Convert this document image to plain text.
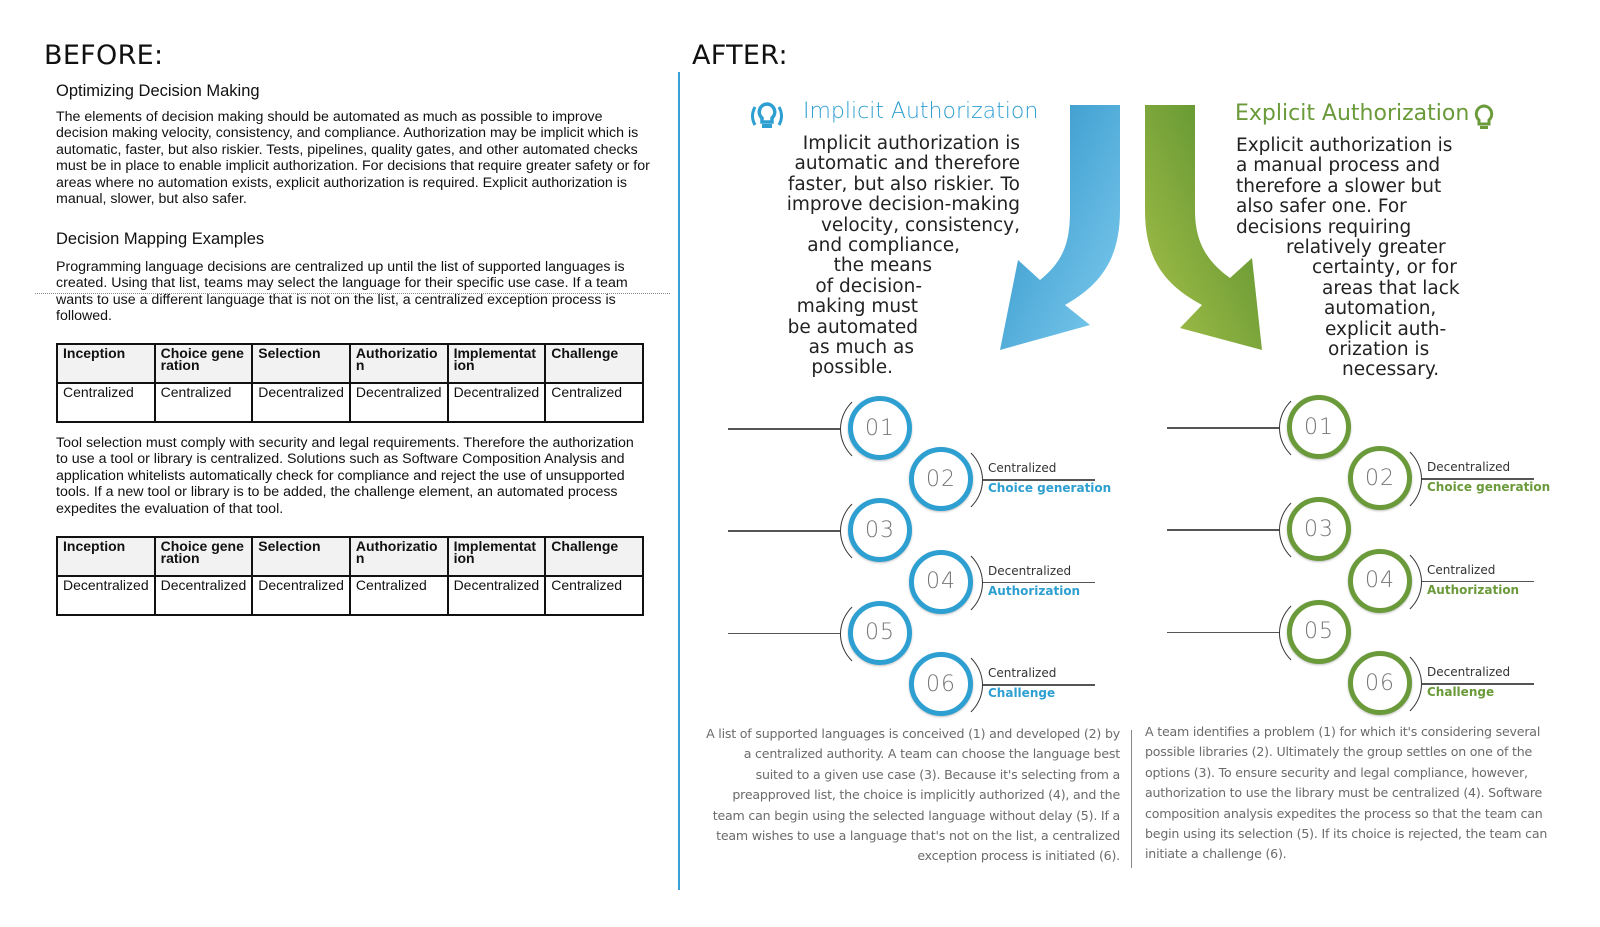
BEFORE:
Optimizing Decision Making
The elements of decision making should be automated as much as possible to improve decision making velocity, consistency, and compliance. Authorization may be implicit which is automatic, faster, but also riskier. Tests, pipelines, quality gates, and other automated checks must be in place to enable implicit authorization. For decisions that require greater safety or for areas where no automation exists, explicit authorization is required. Explicit authorization is manual, slower, but also safer.
Decision Mapping Examples
Programming language decisions are centralized up until the list of supported languages is created. Using that list, teams may select the language for their specific use case. If a team wants to use a different language that is not on the list, a centralized exception process is followed.
Inception	Choice generation	Selection	Authorization	Implementation	Challenge
Centralized	Centralized	Decentralized	Decentralized	Decentralized	Centralized
Tool selection must comply with security and legal requirements. Therefore the authorization to use a tool or library is centralized. Solutions such as Software Composition Analysis and application whitelists automatically check for compliance and reject the use of unsupported tools. If a new tool or library is to be added, the challenge element, an automated process expedites the evaluation of that tool.
Inception	Choice generation	Selection	Authorization	Implementation	Challenge
Decentralized	Decentralized	Decentralized	Centralized	Decentralized	Centralized
AFTER:
Implicit Authorization
Implicit authorization is
automatic and therefore
faster, but also riskier. To
improve decision-making
velocity, consistency,
and compliance,
the means
of decision-
making must
be automated
as much as
possible.
Explicit Authorization
Explicit authorization is
a manual process and
therefore a slower but
also safer one. For
decisions requiring
relatively greater
certainty, or for
areas that lack
automation,
explicit auth-
orization is
necessary.
01
02	Centralized
Choice generation
03
04	Decentralized
Authorization
05
06	Centralized
Challenge
01
02	Decentralized
Choice generation
03
04	Centralized
Authorization
05
06	Decentralized
Challenge
A list of supported languages is conceived (1) and developed (2) by a centralized authority. A team can choose the language best suited to a given use case (3). Because it's selecting from a preapproved list, the choice is implicitly authorized (4), and the team can begin using the selected language without delay (5). If a team wishes to use a language that's not on the list, a centralized exception process is initiated (6).
A team identifies a problem (1) for which it's considering several possible libraries (2). Ultimately the group settles on one of the options (3). To ensure security and legal compliance, however, authorization to use the library must be centralized (4). Software composition analysis expedites the process so that the team can begin using its selection (5). If its choice is rejected, the team can initiate a challenge (6).
